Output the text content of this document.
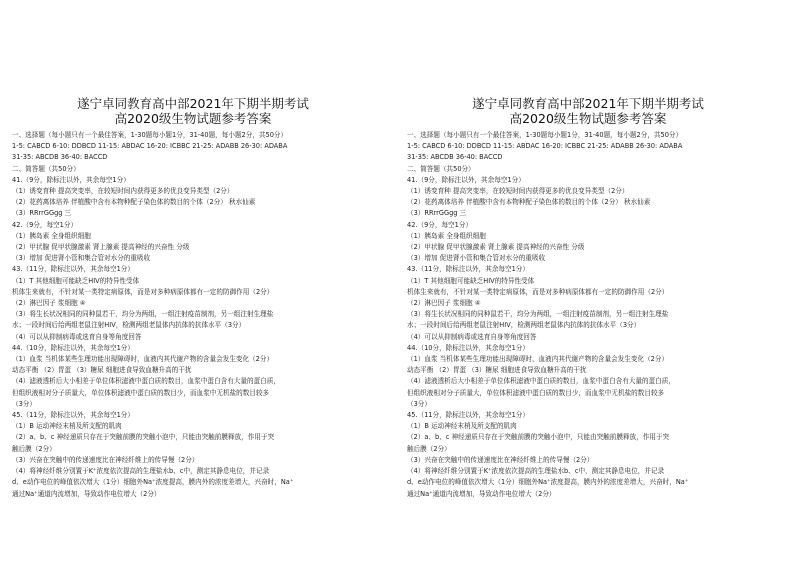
遂宁卓同教育高中部2021年下期半期考试
高2020级生物试题参考答案
一、选择题（每小题只有一个最佳答案，1-30题每小题1分，31-40题，每小题2分，共50分）
1-5: CABCD 6-10: DDBCD 11-15: ABDAC 16-20: ICBBC 21-25: ADABB 26-30: ADABA
31-35: ABCDB 36-40: BACCD
二、简答题（共50分）
41.（9分，除标注以外，其余每空1分）
（1）诱变育种 提高突变率，在较短时间内获得更多的优良变异类型（2分）
（2）花药离体培养 伴植酸中含有本物种配子染色体的数目的个体（2分） 秋水仙素
（3）RRrrGGgg 三
42.（9分，每空1分）
（1）胰岛素 全身组织细胞
（2）甲状腺 促甲状腺激素 肾上腺素 提高神经的兴奋性 分级
（3）增加 促进肾小管和集合管对水分的重吸收
43.（11分，除标注以外，其余每空1分）
（1）T 其他细胞可能缺乏HIV的特异性受体
机体生来就有，不针对某一类特定病原体，而是对多种病原体都有一定的防御作用（2分）
（2）淋巴因子 浆细胞 ④
（3）将生长状况相同的同种鼠若干，均分为两组，一组注射疫苗制剂，另一组注射生理盐
水；一段时间后给两组老鼠注射HIV，检测两组老鼠体内抗体的抗体水平（3分）
（4）可以从抑制病毒或选育自身等角度回答
44.（10分，除标注以外，其余每空1分）
（1）血浆 当机体某些生理功能出现障碍时，血液内其代谢产物的含量会发生变化（2分）
动态平衡 （2）胃蛋 （3）糖尿 细胞进食导致血糖升高的干扰
（4）滤液透析后大小相差于单位体积滤液中蛋白质的数目，血浆中蛋白含有大量的蛋白质，
但组织液相对分子质量大，单位体积滤液中蛋白质的数目少，而血浆中无机盐的数目较多
（3分）
45.（11分，除标注以外，其余每空1分）
（1）B 运动神经末梢及所支配的肌肉
（2）a、b、c 神经递质只存在于突触前膜的突触小泡中，只能由突触前膜释放，作用于突
触后膜（2分）
（3）兴奋在突触中的传递速度比在神经纤维上的传导慢（2分）
（4）将神经纤维分别置于K⁺浓度依次提高的生理盐水b、c中，测定其静息电位，并记录
d、e动作电位的峰值依次增大（1分）细胞外Na⁺浓度提高，膜内外的浓度差增大，兴奋时，Na⁺
通过Na⁺通道内流增加，导致动作电位增大（2分）
遂宁卓同教育高中部2021年下期半期考试
高2020级生物试题参考答案
一、选择题（每小题只有一个最佳答案，1-30题每小题1分，31-40题，每小题2分，共50分）
1-5: CABCD 6-10: DDBCD 11-15: ABDAC 16-20: ICBBC 21-25: ADABB 26-30: ADABA
31-35: ABCDB 36-40: BACCD
二、简答题（共50分）
41.（9分，除标注以外，其余每空1分）
（1）诱变育种 提高突变率，在较短时间内获得更多的优良变异类型（2分）
（2）花药离体培养 伴植酸中含有本物种配子染色体的数目的个体（2分） 秋水仙素
（3）RRrrGGgg 三
42.（9分，每空1分）
（1）胰岛素 全身组织细胞
（2）甲状腺 促甲状腺激素 肾上腺素 提高神经的兴奋性 分级
（3）增加 促进肾小管和集合管对水分的重吸收
43.（11分，除标注以外，其余每空1分）
（1）T 其他细胞可能缺乏HIV的特异性受体
机体生来就有，不针对某一类特定病原体，而是对多种病原体都有一定的防御作用（2分）
（2）淋巴因子 浆细胞 ④
（3）将生长状况相同的同种鼠若干，均分为两组，一组注射疫苗制剂，另一组注射生理盐
水；一段时间后给两组老鼠注射HIV，检测两组老鼠体内抗体的抗体水平（3分）
（4）可以从抑制病毒或选育自身等角度回答
44.（10分，除标注以外，其余每空1分）
（1）血浆 当机体某些生理功能出现障碍时，血液内其代谢产物的含量会发生变化（2分）
动态平衡 （2）胃蛋 （3）糖尿 细胞进食导致血糖升高的干扰
（4）滤液透析后大小相差于单位体积滤液中蛋白质的数目，血浆中蛋白含有大量的蛋白质，
但组织液相对分子质量大，单位体积滤液中蛋白质的数目少，而血浆中无机盐的数目较多
（3分）
45.（11分，除标注以外，其余每空1分）
（1）B 运动神经末梢及所支配的肌肉
（2）a、b、c 神经递质只存在于突触前膜的突触小泡中，只能由突触前膜释放，作用于突
触后膜（2分）
（3）兴奋在突触中的传递速度比在神经纤维上的传导慢（2分）
（4）将神经纤维分别置于K⁺浓度依次提高的生理盐水b、c中，测定其静息电位，并记录
d、e动作电位的峰值依次增大（1分）细胞外Na⁺浓度提高，膜内外的浓度差增大，兴奋时，Na⁺
通过Na⁺通道内流增加，导致动作电位增大（2分）
